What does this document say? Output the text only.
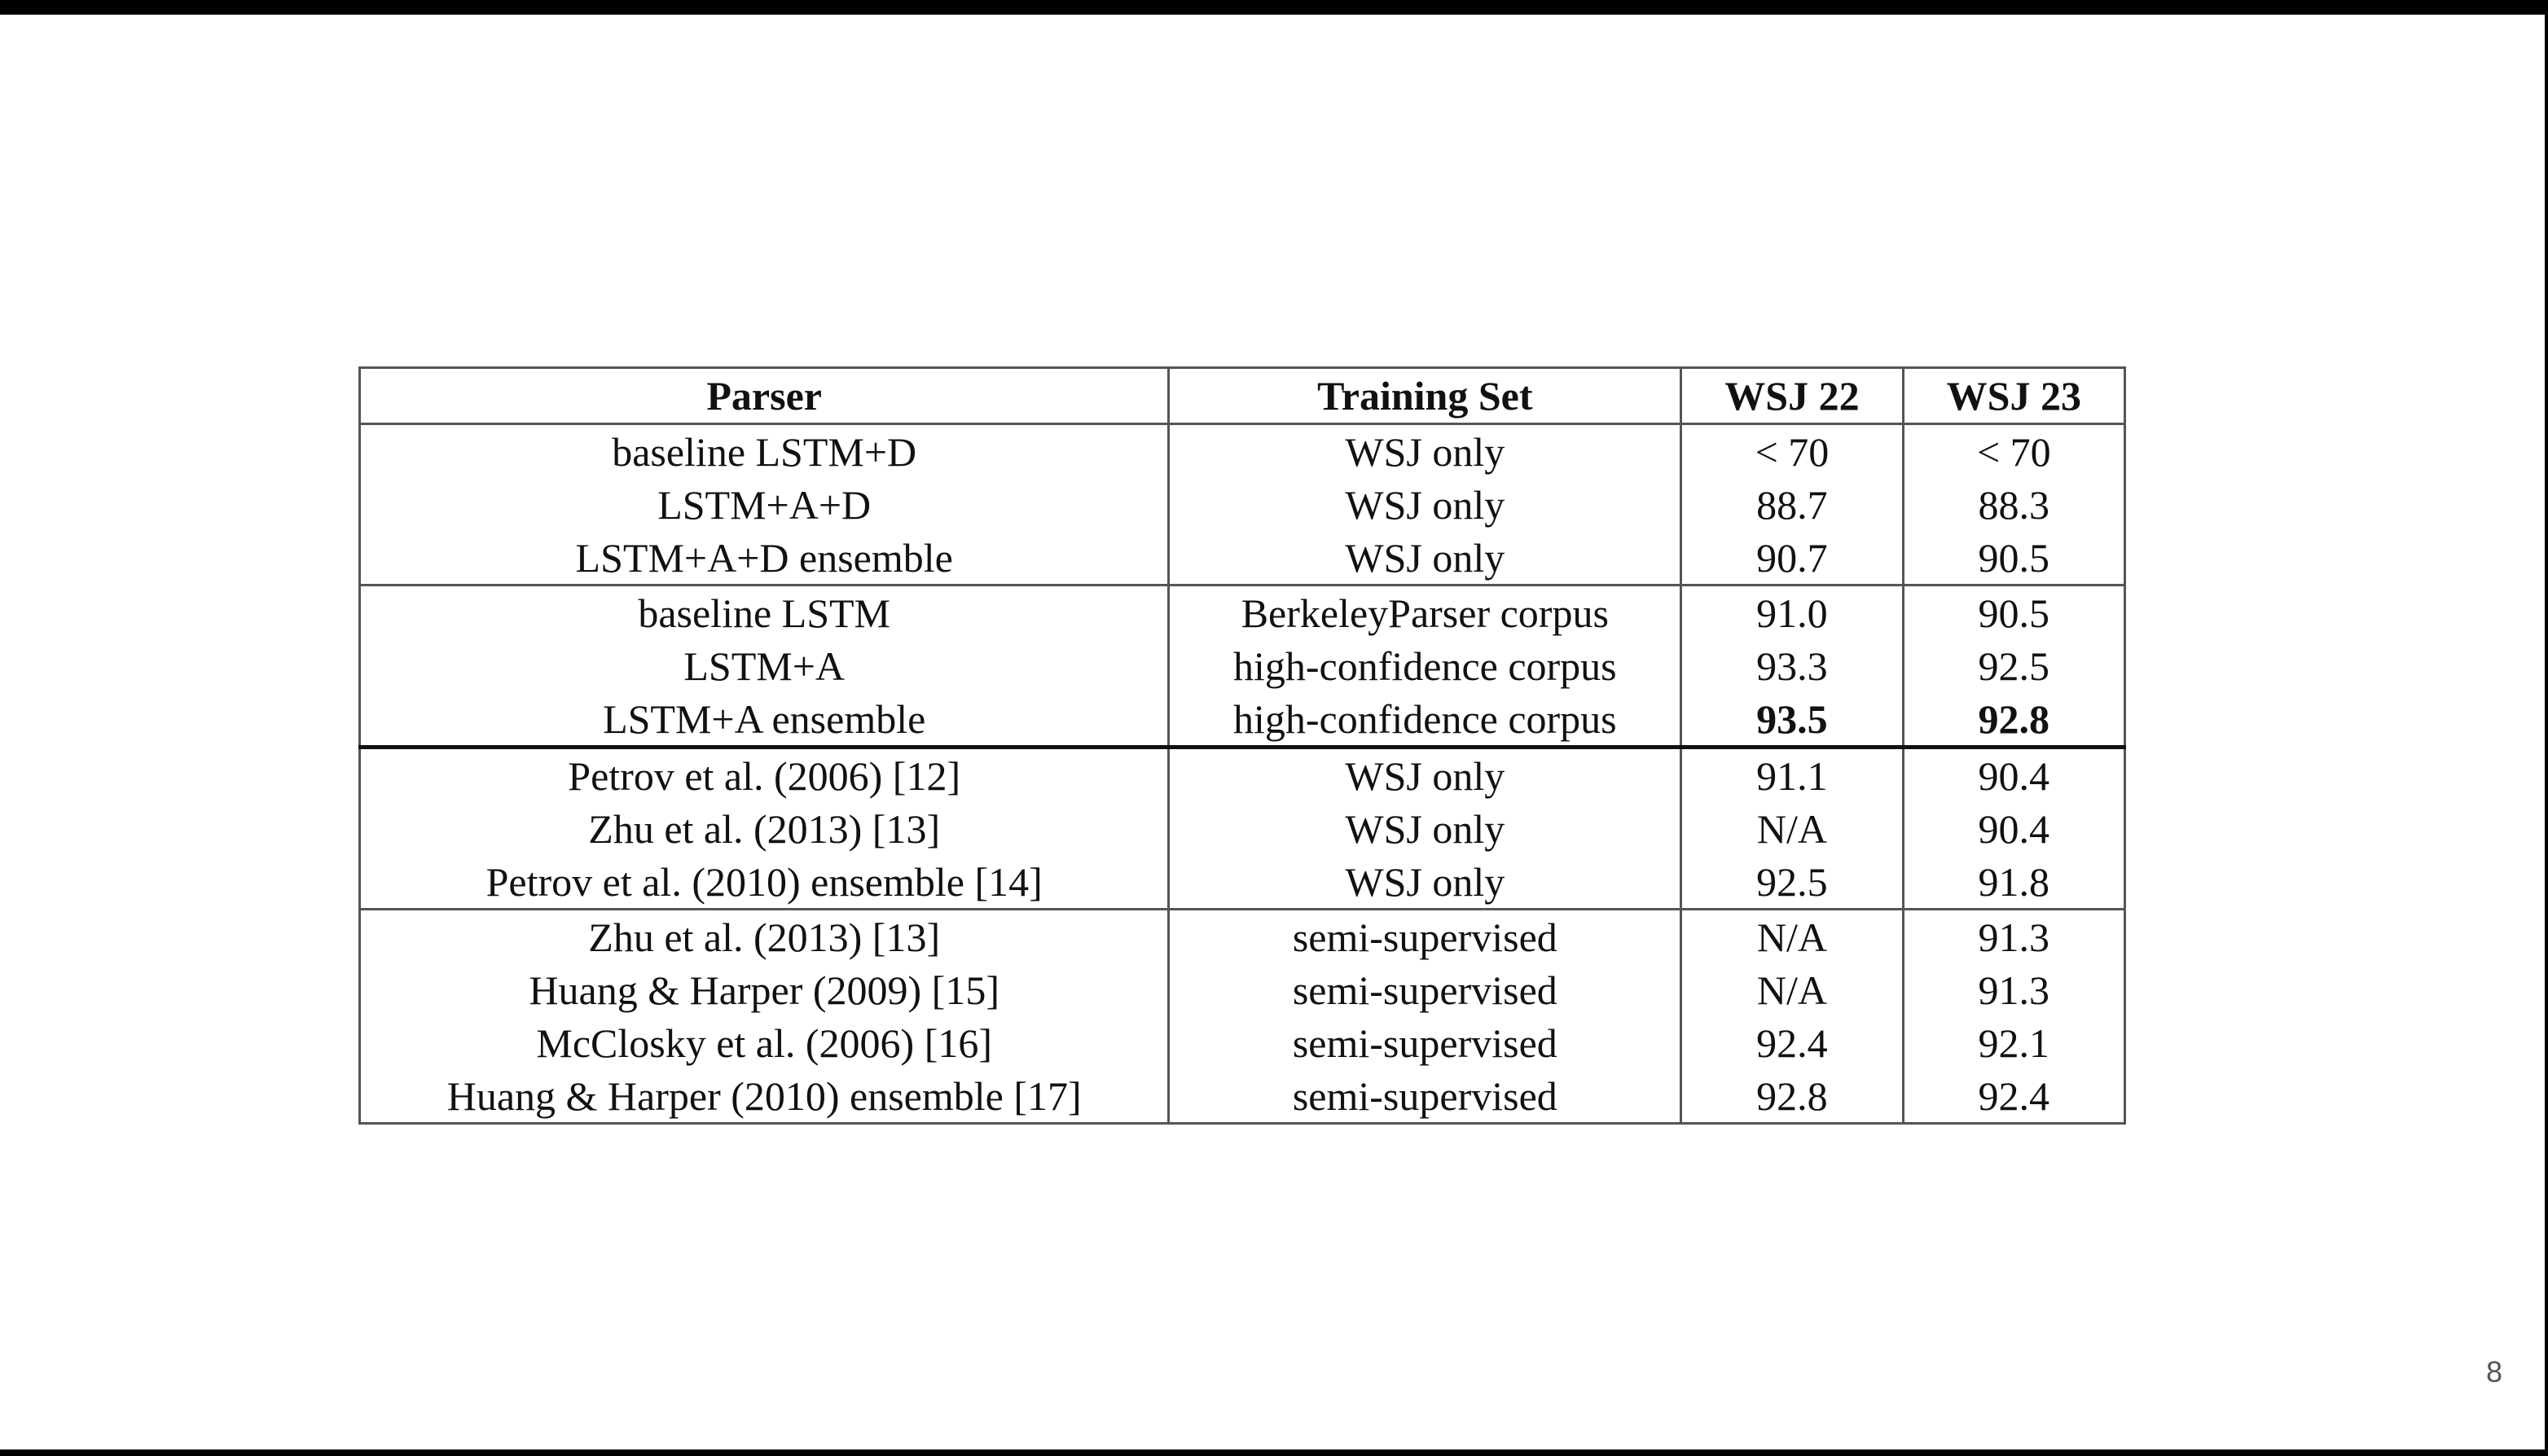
Parser	Training Set	WSJ 22	WSJ 23
baseline LSTM+D	WSJ only	< 70	< 70
LSTM+A+D	WSJ only	88.7	88.3
LSTM+A+D ensemble	WSJ only	90.7	90.5
baseline LSTM	BerkeleyParser corpus	91.0	90.5
LSTM+A	high-confidence corpus	93.3	92.5
LSTM+A ensemble	high-confidence corpus	93.5	92.8
Petrov et al. (2006) [12]	WSJ only	91.1	90.4
Zhu et al. (2013) [13]	WSJ only	N/A	90.4
Petrov et al. (2010) ensemble [14]	WSJ only	92.5	91.8
Zhu et al. (2013) [13]	semi-supervised	N/A	91.3
Huang & Harper (2009) [15]	semi-supervised	N/A	91.3
McClosky et al. (2006) [16]	semi-supervised	92.4	92.1
Huang & Harper (2010) ensemble [17]	semi-supervised	92.8	92.4
8
